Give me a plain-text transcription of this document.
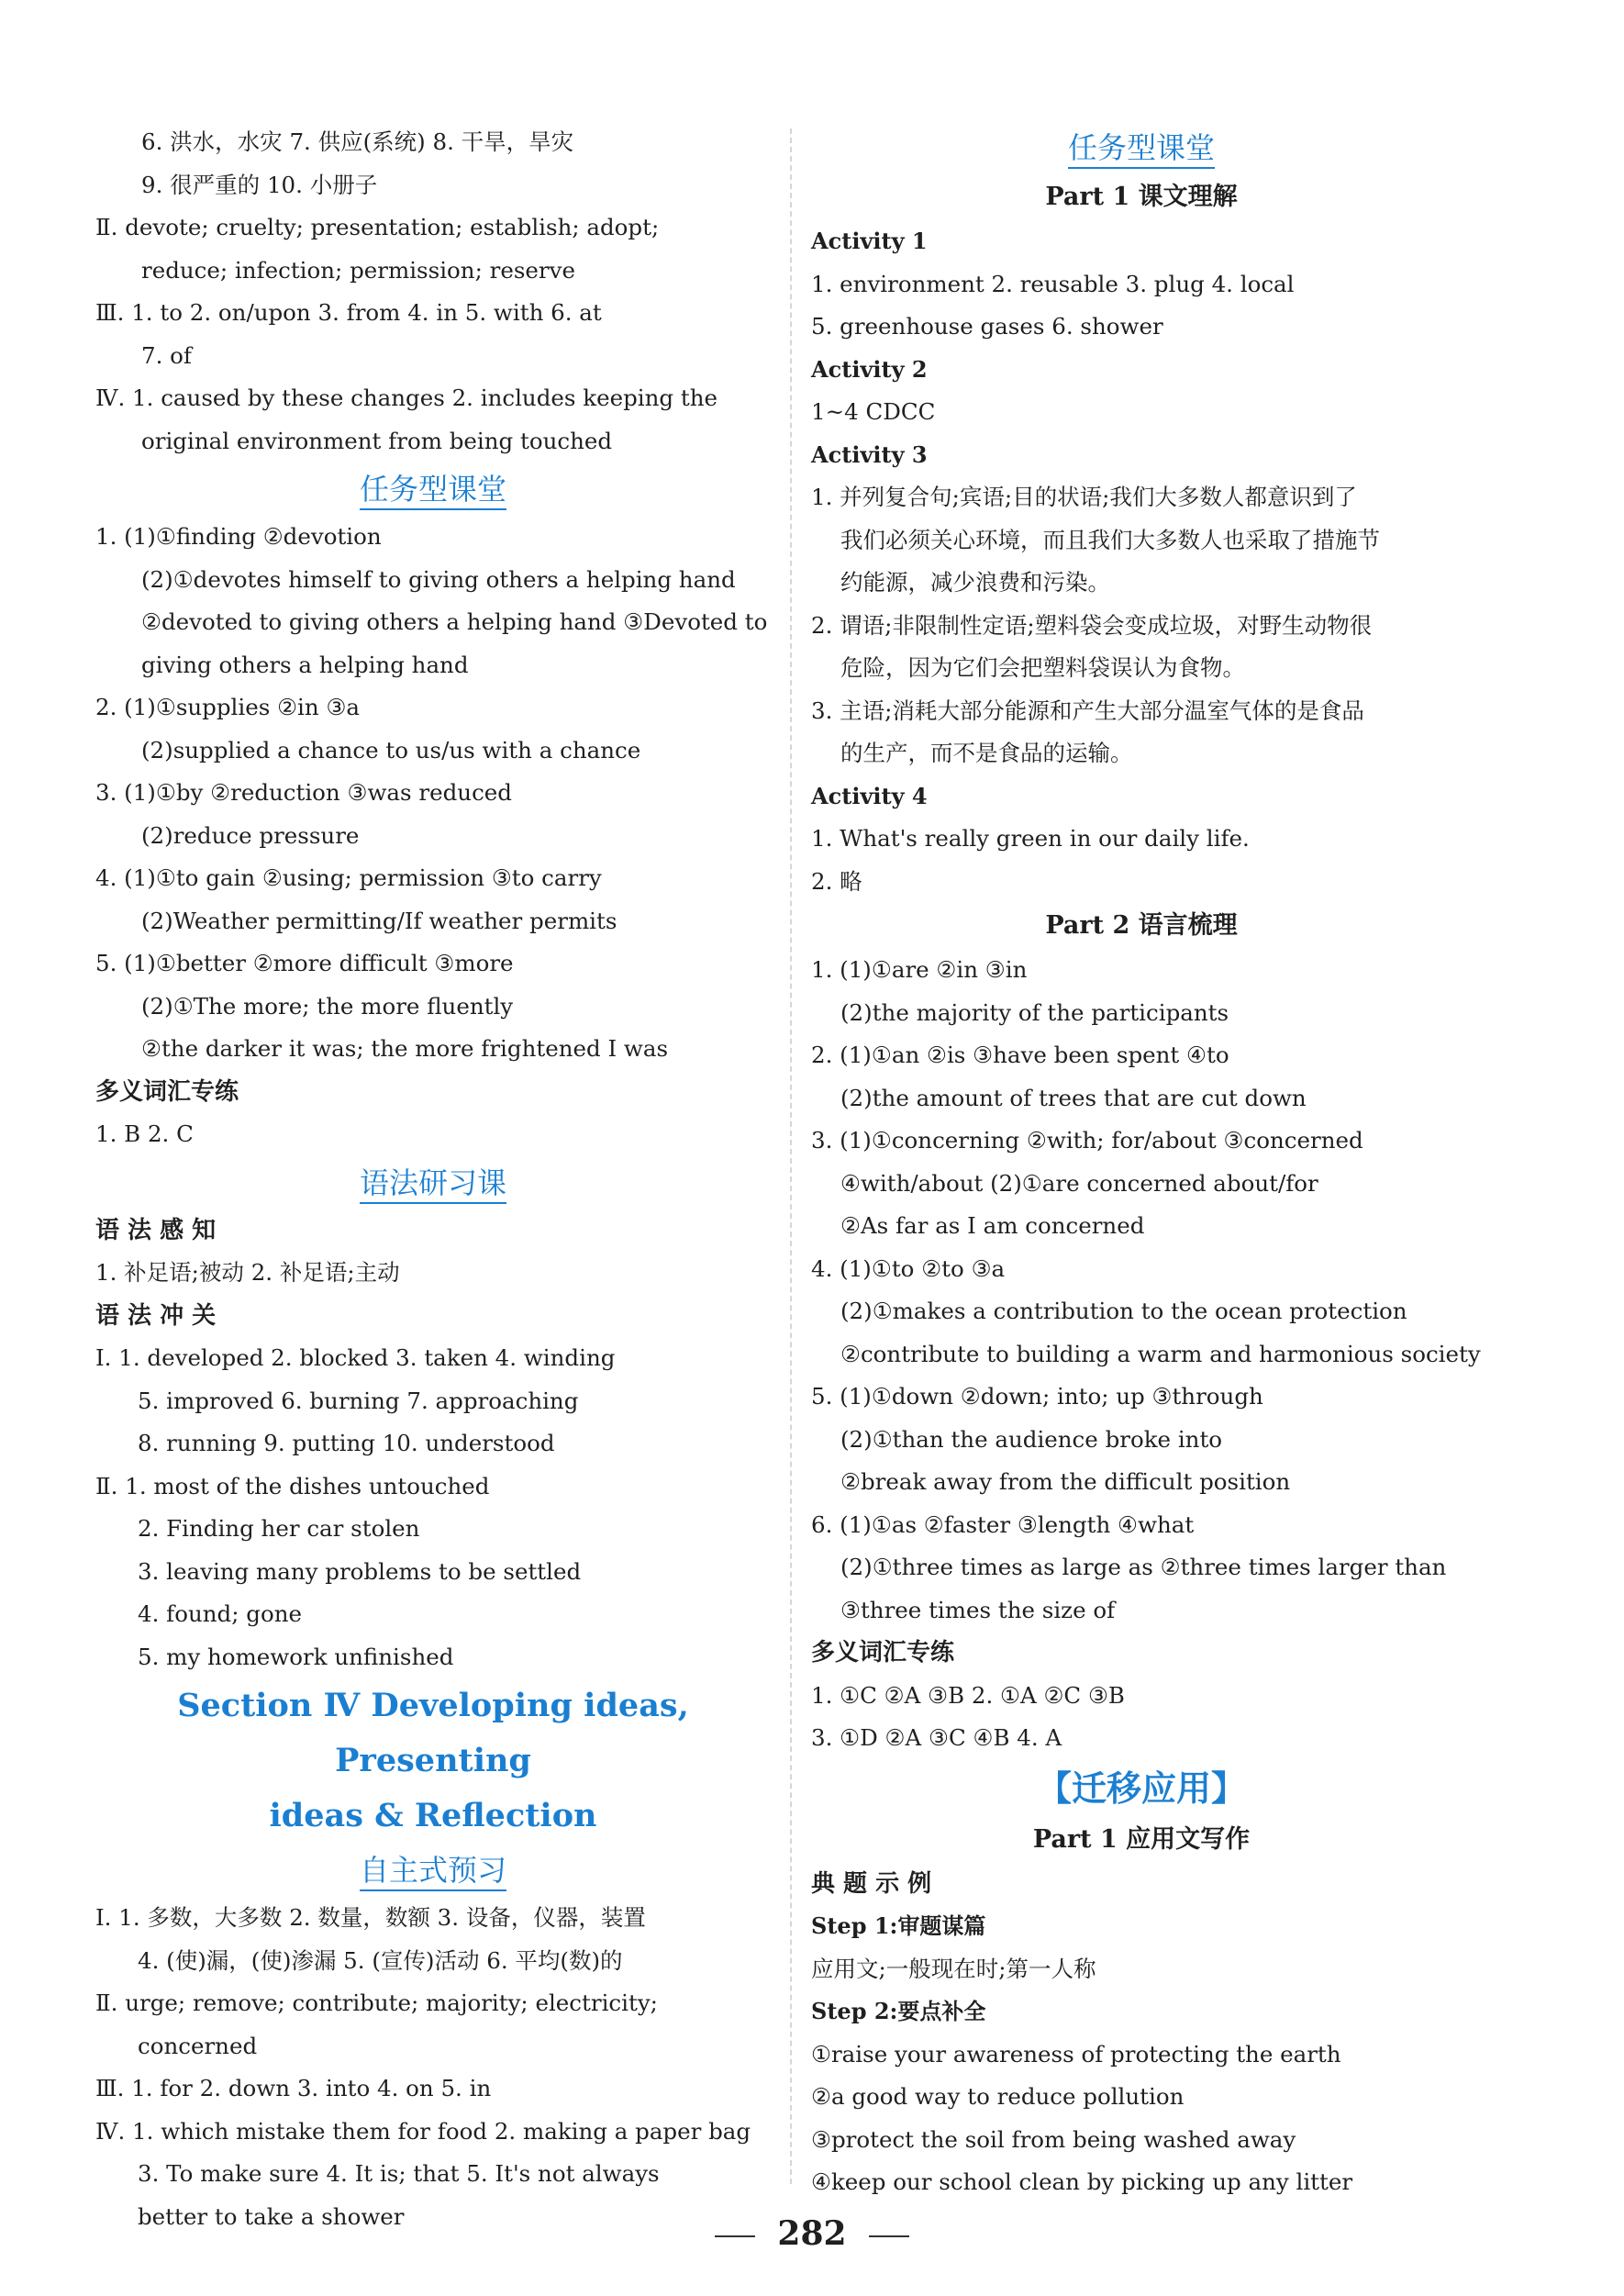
6. 洪水，水灾 7. 供应(系统) 8. 干旱，旱灾
9. 很严重的 10. 小册子
Ⅱ. devote; cruelty; presentation; establish; adopt;
reduce; infection; permission; reserve
Ⅲ. 1. to 2. on/upon 3. from 4. in 5. with 6. at
7. of
Ⅳ. 1. caused by these changes 2. includes keeping the
original environment from being touched
任务型课堂
1. (1)①finding ②devotion
(2)①devotes himself to giving others a helping hand
②devoted to giving others a helping hand ③Devoted to
giving others a helping hand
2. (1)①supplies ②in ③a
(2)supplied a chance to us/us with a chance
3. (1)①by ②reduction ③was reduced
(2)reduce pressure
4. (1)①to gain ②using; permission ③to carry
(2)Weather permitting/If weather permits
5. (1)①better ②more difficult ③more
(2)①The more; the more fluently
②the darker it was; the more frightened I was
多义词汇专练
1. B 2. C
语法研习课
语 法 感 知
1. 补足语;被动 2. 补足语;主动
语 法 冲 关
Ⅰ. 1. developed 2. blocked 3. taken 4. winding
5. improved 6. burning 7. approaching
8. running 9. putting 10. understood
Ⅱ. 1. most of the dishes untouched
2. Finding her car stolen
3. leaving many problems to be settled
4. found; gone
5. my homework unfinished
Section Ⅳ Developing ideas, Presenting
ideas & Reflection
自主式预习
Ⅰ. 1. 多数，大多数 2. 数量，数额 3. 设备，仪器，装置
4. (使)漏，(使)渗漏 5. (宣传)活动 6. 平均(数)的
Ⅱ. urge; remove; contribute; majority; electricity;
concerned
Ⅲ. 1. for 2. down 3. into 4. on 5. in
Ⅳ. 1. which mistake them for food 2. making a paper bag
3. To make sure 4. It is; that 5. It's not always
better to take a shower
任务型课堂
Part 1 课文理解
Activity 1
1. environment 2. reusable 3. plug 4. local
5. greenhouse gases 6. shower
Activity 2
1~4 CDCC
Activity 3
1. 并列复合句;宾语;目的状语;我们大多数人都意识到了
我们必须关心环境，而且我们大多数人也采取了措施节
约能源，减少浪费和污染。
2. 谓语;非限制性定语;塑料袋会变成垃圾，对野生动物很
危险，因为它们会把塑料袋误认为食物。
3. 主语;消耗大部分能源和产生大部分温室气体的是食品
的生产，而不是食品的运输。
Activity 4
1. What's really green in our daily life.
2. 略
Part 2 语言梳理
1. (1)①are ②in ③in
(2)the majority of the participants
2. (1)①an ②is ③have been spent ④to
(2)the amount of trees that are cut down
3. (1)①concerning ②with; for/about ③concerned
④with/about (2)①are concerned about/for
②As far as I am concerned
4. (1)①to ②to ③a
(2)①makes a contribution to the ocean protection
②contribute to building a warm and harmonious society
5. (1)①down ②down; into; up ③through
(2)①than the audience broke into
②break away from the difficult position
6. (1)①as ②faster ③length ④what
(2)①three times as large as ②three times larger than
③three times the size of
多义词汇专练
1. ①C ②A ③B 2. ①A ②C ③B
3. ①D ②A ③C ④B 4. A
【迁移应用】
Part 1 应用文写作
典 题 示 例
Step 1:审题谋篇
应用文;一般现在时;第一人称
Step 2:要点补全
①raise your awareness of protecting the earth
②a good way to reduce pollution
③protect the soil from being washed away
④keep our school clean by picking up any litter
282
